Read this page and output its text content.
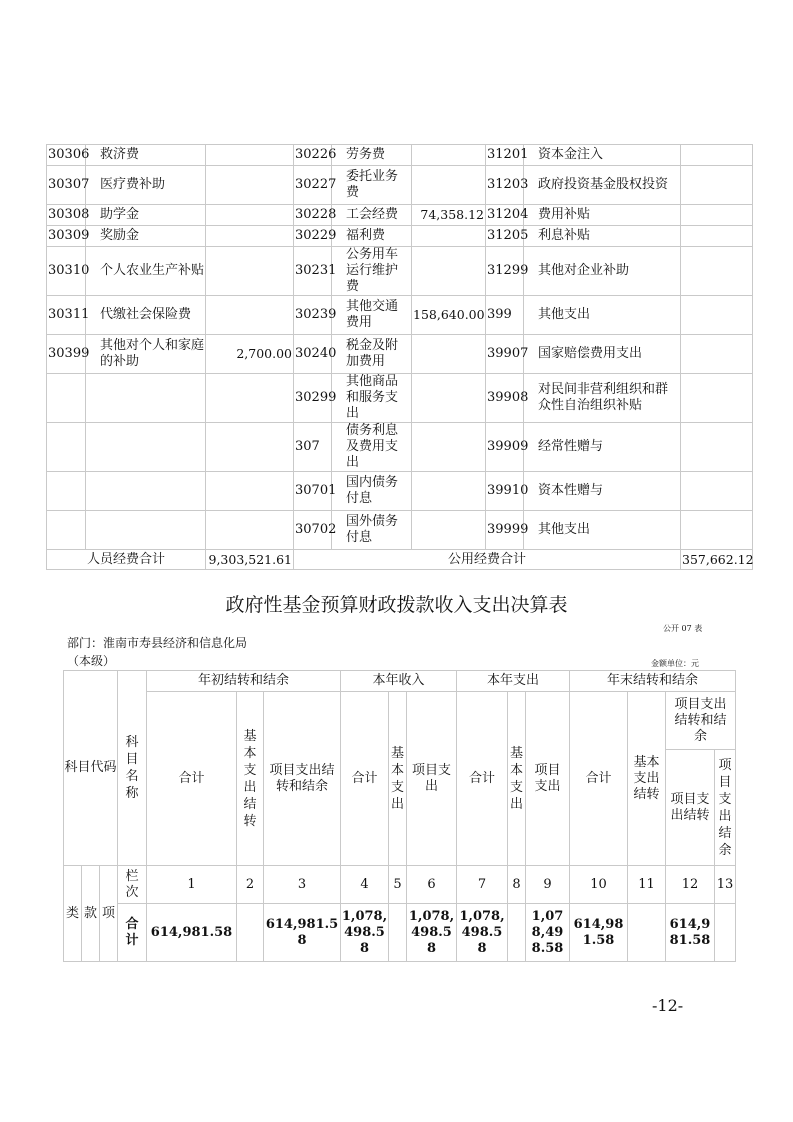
30306	救济费		30226	劳务费		31201	资本金注入	
30307	医疗费补助		30227	委托业务费		31203	政府投资基金股权投资	
30308	助学金		30228	工会经费	74,358.12	31204	费用补贴	
30309	奖励金		30229	福利费		31205	利息补贴	
30310	个人农业生产补贴		30231	公务用车运行维护费		31299	其他对企业补助	
30311	代缴社会保险费		30239	其他交通费用	158,640.00	399	其他支出	
30399	其他对个人和家庭的补助	2,700.00	30240	税金及附加费用		39907	国家赔偿费用支出	
			30299	其他商品和服务支出		39908	对民间非营利组织和群众性自治组织补贴	
			307	债务利息及费用支出		39909	经常性赠与	
			30701	国内债务付息		39910	资本性赠与	
			30702	国外债务付息		39999	其他支出	
人员经费合计		9,303,521.61	公用经费合计					357,662.12
政府性基金预算财政拨款收入支出决算表
公开 07 表
部门：淮南市寿县经济和信息化局（本级）	金额单位：元
科目代码			科目名称	年初结转和结余			本年收入			本年支出			年末结转和结余			
				合计	基本支出结转	项目支出结转和结余	合计	基本支出	项目支出	合计	基本支出	项目支出	合计	基本支出结转	项目支出结转和结余	
															项目支出结转	项目支出结余
类	款	项	栏次	1	2	3	4	5	6	7	8	9	10	11	12	13
			合计	614,981.58		614,981.58	1,078,498.58		1,078,498.58	1,078,498.58		1,078,498.58	614,981.58		614,981.58	
-12-
